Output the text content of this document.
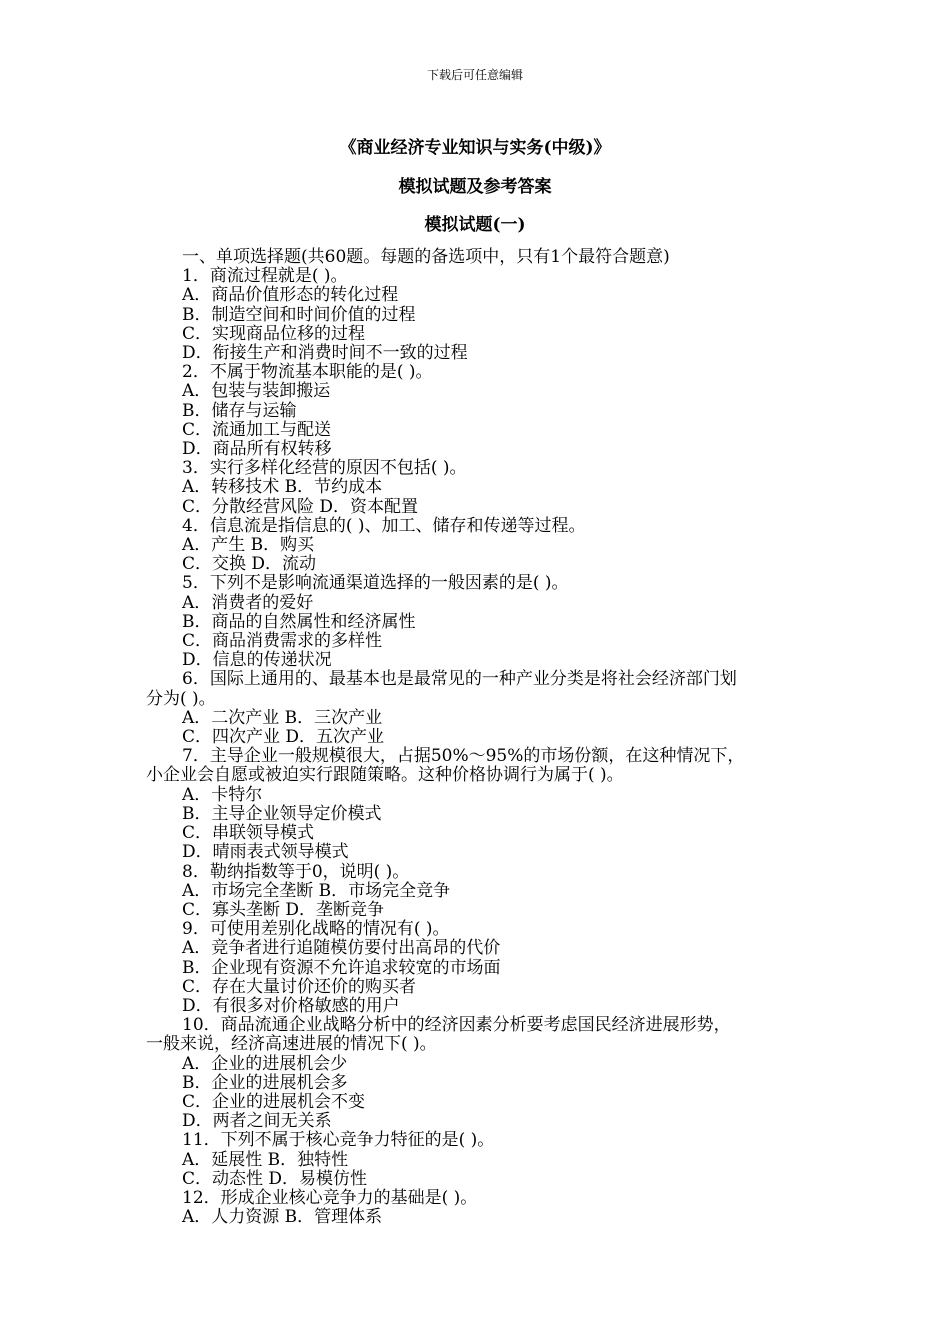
下载后可任意编辑
《商业经济专业知识与实务(中级)》
模拟试题及参考答案
模拟试题(一)
一、单项选择题(共60题。每题的备选项中，只有1个最符合题意)
1．商流过程就是( )。
A．商品价值形态的转化过程
B．制造空间和时间价值的过程
C．实现商品位移的过程
D．衔接生产和消费时间不一致的过程
2．不属于物流基本职能的是( )。
A．包装与装卸搬运
B．储存与运输
C．流通加工与配送
D．商品所有权转移
3．实行多样化经营的原因不包括( )。
A．转移技术 B．节约成本
C．分散经营风险 D．资本配置
4．信息流是指信息的( )、加工、储存和传递等过程。
A．产生 B．购买
C．交换 D．流动
5．下列不是影响流通渠道选择的一般因素的是( )。
A．消费者的爱好
B．商品的自然属性和经济属性
C．商品消费需求的多样性
D．信息的传递状况
6．国际上通用的、最基本也是最常见的一种产业分类是将社会经济部门划
分为( )。
A．二次产业 B．三次产业
C．四次产业 D．五次产业
7．主导企业一般规模很大，占据50%～95%的市场份额，在这种情况下，
小企业会自愿或被迫实行跟随策略。这种价格协调行为属于( )。
A．卡特尔
B．主导企业领导定价模式
C．串联领导模式
D．晴雨表式领导模式
8．勒纳指数等于0，说明( )。
A．市场完全垄断 B．市场完全竞争
C．寡头垄断 D．垄断竞争
9．可使用差别化战略的情况有( )。
A．竞争者进行追随模仿要付出高昂的代价
B．企业现有资源不允许追求较宽的市场面
C．存在大量讨价还价的购买者
D．有很多对价格敏感的用户
10．商品流通企业战略分析中的经济因素分析要考虑国民经济进展形势，
一般来说，经济高速进展的情况下( )。
A．企业的进展机会少
B．企业的进展机会多
C．企业的进展机会不变
D．两者之间无关系
11．下列不属于核心竞争力特征的是( )。
A．延展性 B．独特性
C．动态性 D．易模仿性
12．形成企业核心竞争力的基础是( )。
A．人力资源 B．管理体系
